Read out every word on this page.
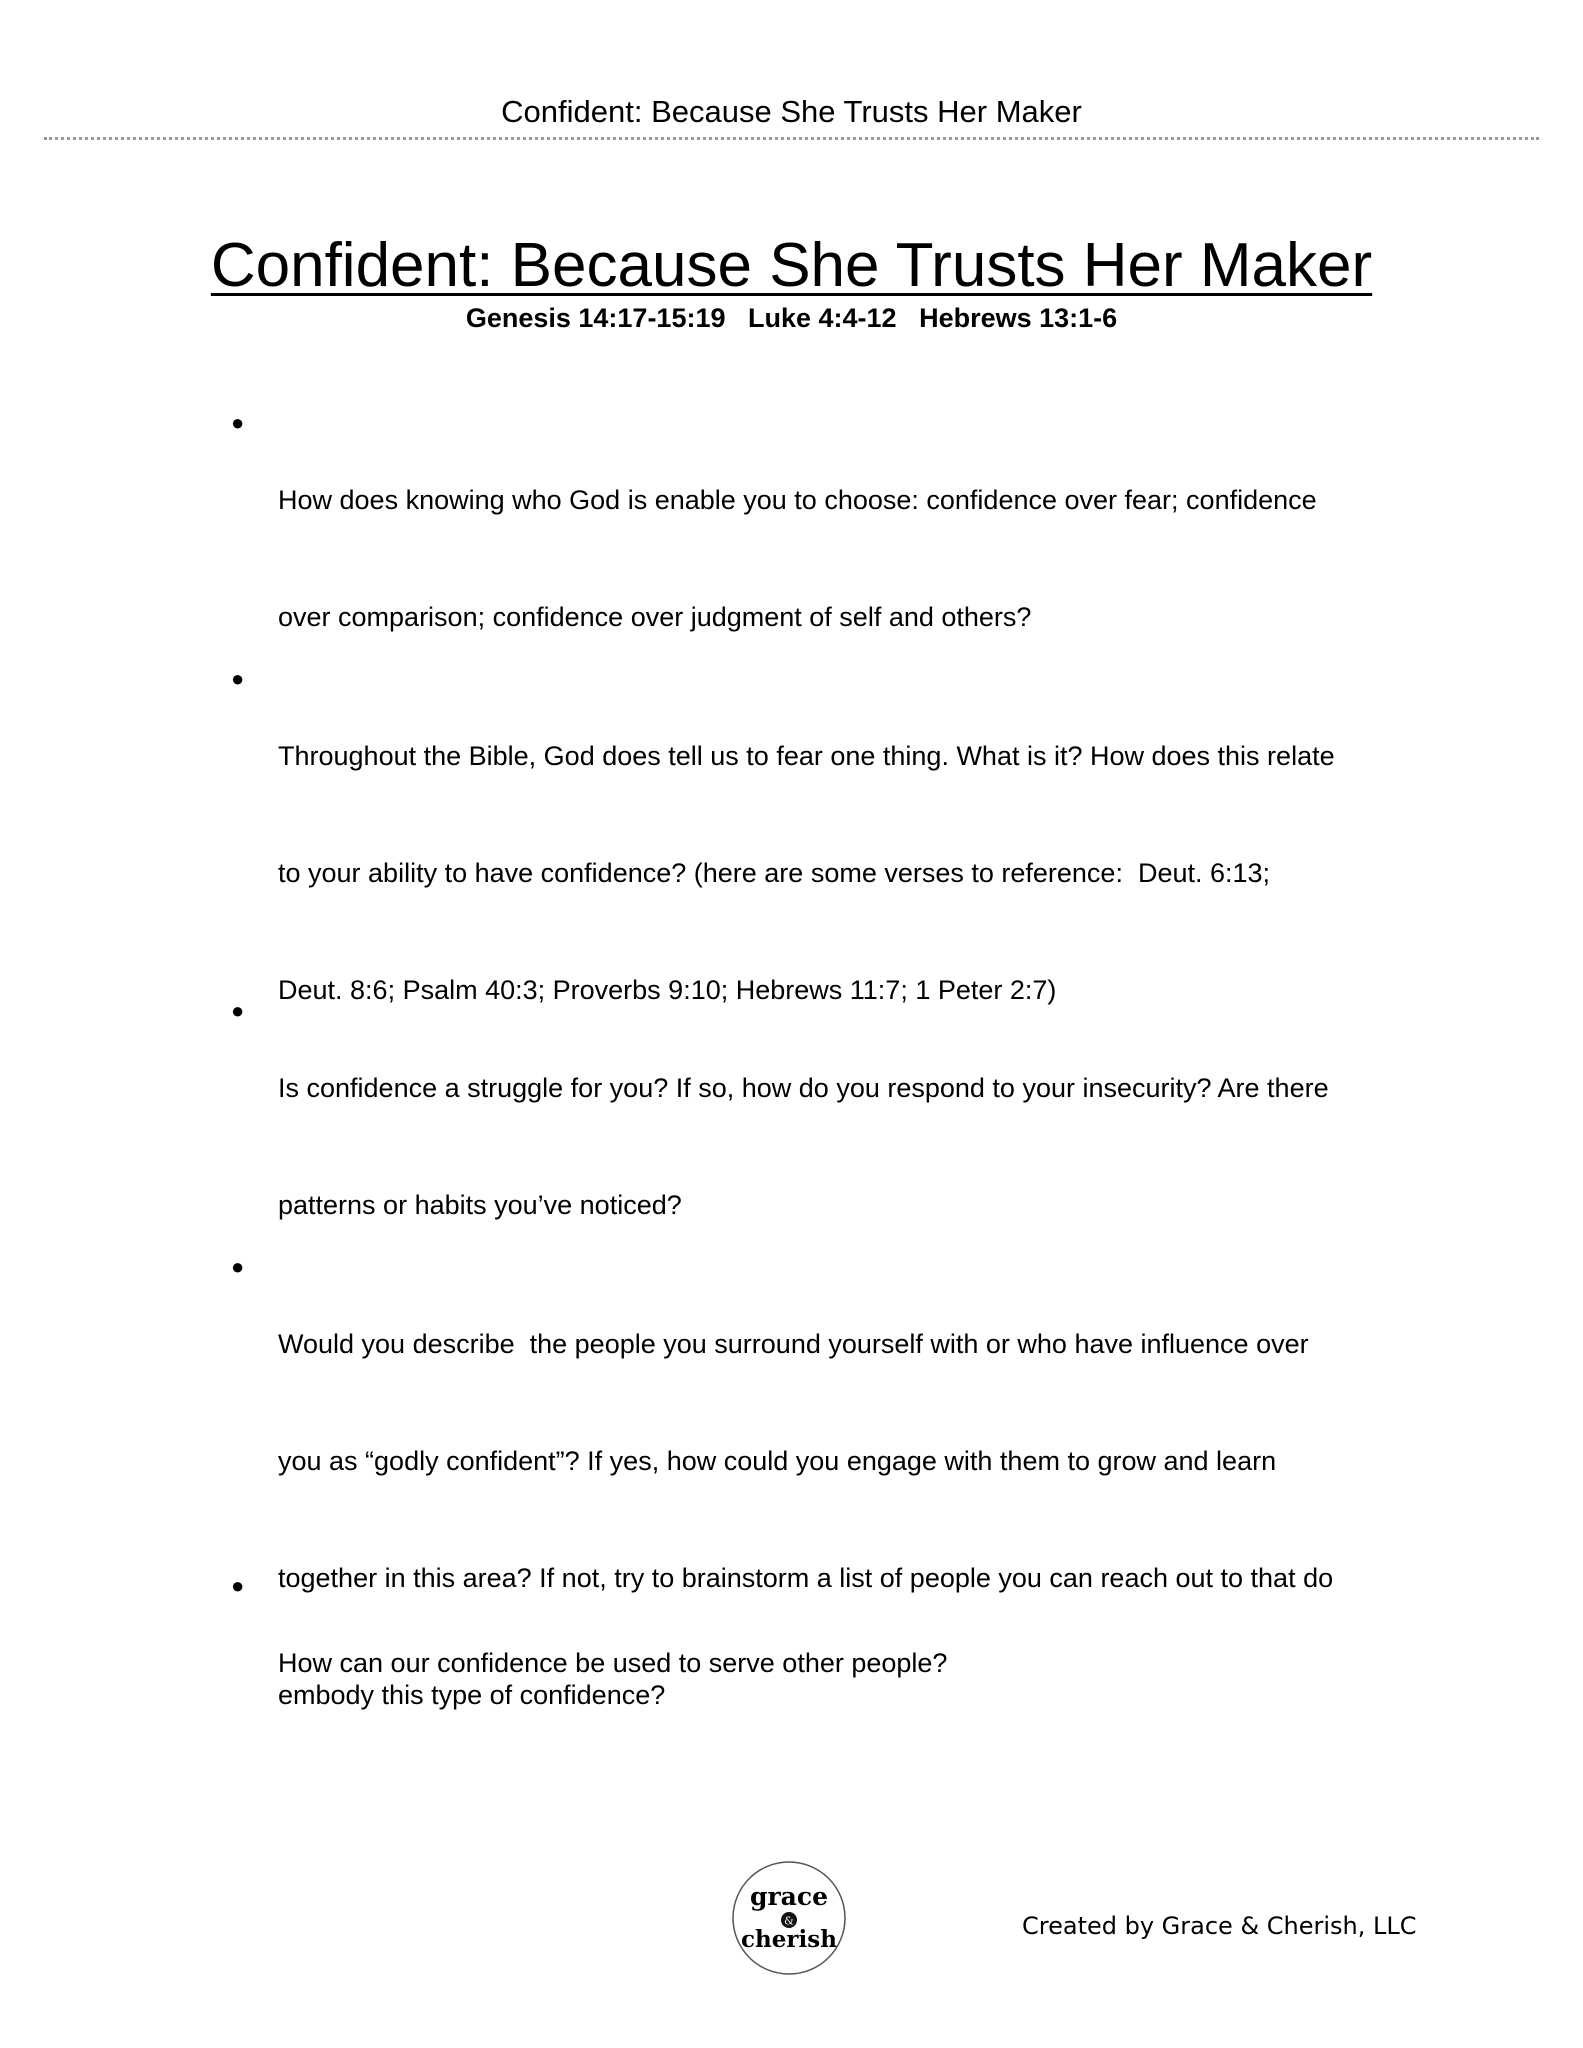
Confident: Because She Trusts Her Maker
Confident: Because She Trusts Her Maker
Genesis 14:17-15:19   Luke 4:4-12   Hebrews 13:1-6
●

How does knowing who God is enable you to choose: confidence over fear; confidence

over comparison; confidence over judgment of self and others?

●

Throughout the Bible, God does tell us to fear one thing. What is it? How does this relate

to your ability to have confidence? (here are some verses to reference:  Deut. 6:13;

Deut. 8:6; Psalm 40:3; Proverbs 9:10; Hebrews 11:7; 1 Peter 2:7)

●

Is confidence a struggle for you? If so, how do you respond to your insecurity? Are there

patterns or habits you’ve noticed?

●

Would you describe  the people you surround yourself with or who have influence over

you as “godly confident”? If yes, how could you engage with them to grow and learn

together in this area? If not, try to brainstorm a list of people you can reach out to that do

embody this type of confidence?

●

How can our confidence be used to serve other people?

grace
&
cherish	Created by Grace & Cherish, LLC
